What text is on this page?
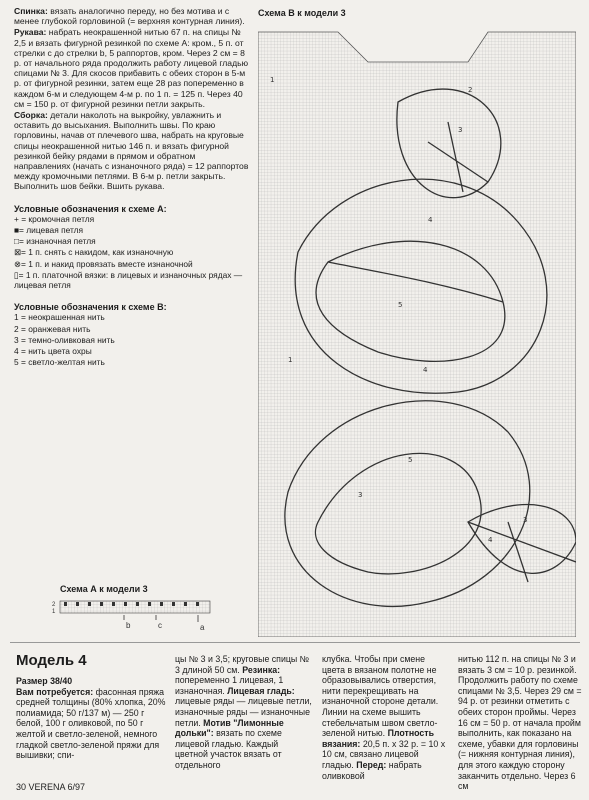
Спинка: вязать аналогично переду, но без мотива и с менее глубокой горловиной (= верхняя контурная линия).

Рукава: набрать неокрашенной нитью 67 п. на спицы № 2,5 и вязать фигурной резинкой по схеме А: кром., 5 п. от стрелки с до стрелки b, 5 раппортов, кром. Через 2 см = 8 р. от начального ряда продолжить работу лицевой гладью спицами № 3. Для скосов прибавить с обеих сторон в 5-м р. от фигурной резинки, затем еще 28 раз попеременно в каждом 6-м и следующем 4-м р. по 1 п. = 125 п. Через 40 см = 150 р. от фигурной резинки петли закрыть.

Сборка: детали наколоть на выкройку, увлажнить и оставить до высыхания. Выполнить швы. По краю горловины, начав от плечевого шва, набрать на круговые спицы неокрашенной нитью 146 п. и вязать фигурной резинкой бейку рядами в прямом и обратном направлениях (начать с изнаночного ряда) = 12 раппортов между кромочными петлями. В 6-м р. петли закрыть. Выполнить шов бейки. Вшить рукава.

Условные обозначения к схеме А:

+ = кромочная петля

■= лицевая петля

□= изнаночная петля

⊠= 1 п. снять с накидом, как изнаночную

⊗= 1 п. и накид провязать вместе изнаночной

▯= 1 п. платочной вязки: в лицевых и изнаночных рядах — лицевая петля

Условные обозначения к схеме В:

1 = неокрашенная нить

2 = оранжевая нить

3 = темно-оливковая нить

4 = нить цвета охры

5 = светло-желтая нить

Схема В к модели 3
1
3
2
4
5
4
1
3
5
4
3
Схема А к модели 3
2
1
b	c	a
Модель 4
Размер 38/40
Вам потребуется: фасонная пряжа средней толщины (80% хлопка, 20% полиамида; 50 г/137 м) — 250 г белой, 100 г оливковой, по 50 г желтой и светло-зеленой, немного гладкой светло-зеленой пряжи для вышивки; спи-
цы № 3 и 3,5; круговые спицы № 3 длиной 50 см. Резинка: попеременно 1 лицевая, 1 изнаночная. Лицевая гладь: лицевые ряды — лицевые петли, изнаночные ряды — изнаночные петли. Мотив "Лимонные дольки": вязать по схеме лицевой гладью. Каждый цветной участок вязать от отдельного
клубка. Чтобы при смене цвета в вязаном полотне не образовывались отверстия, нити перекрещивать на изнаночной стороне детали. Линии на схеме вышить стебельчатым швом светло-зеленой нитью. Плотность вязания: 20,5 п. x 32 р. = 10 x 10 см, связано лицевой гладью. Перед: набрать оливковой
нитью 112 п. на спицы № 3 и вязать 3 см = 10 р. резинкой. Продолжить работу по схеме спицами № 3,5. Через 29 см = 94 р. от резинки отметить с обеих сторон проймы. Через 16 см = 50 р. от начала пройм выполнить, как показано на схеме, убавки для горловины (= нижняя контурная линия), для этого каждую сторону заканчить отдельно. Через 6 см
30 VERENA 6/97
